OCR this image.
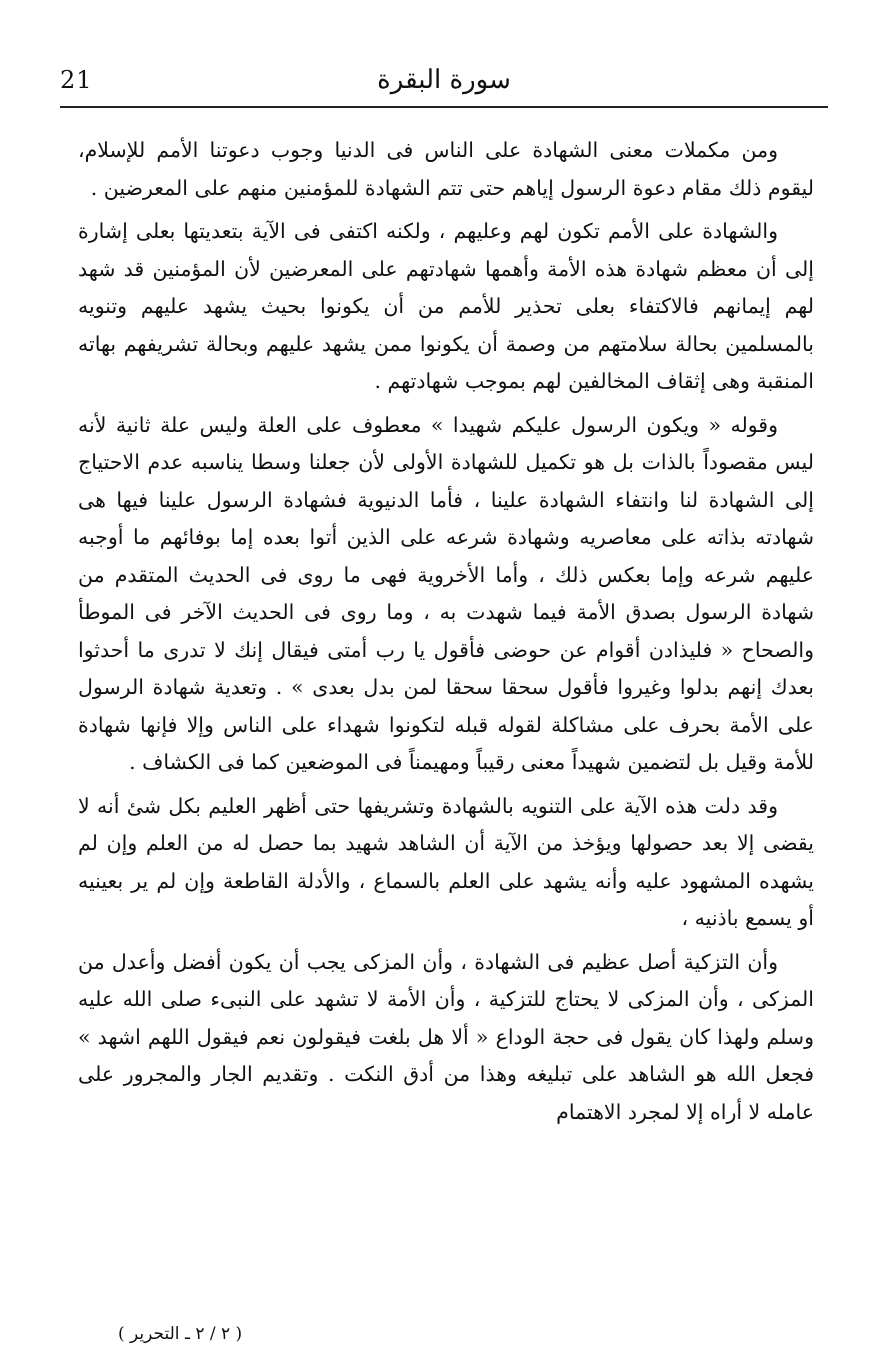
سورة البقرة
21

ومن مكملات معنى الشهادة على الناس فى الدنيا وجوب دعوتنا الأمم للإسلام، ليقوم ذلك مقام دعوة الرسول إياهم حتى تتم الشهادة للمؤمنين منهم على المعرضين .

والشهادة على الأمم تكون لهم وعليهم ، ولكنه اكتفى فى الآية بتعديتها بعلى إشارة إلى أن معظم شهادة هذه الأمة وأهمها شهادتهم على المعرضين لأن المؤمنين قد شهد لهم إيمانهم فالاكتفاء بعلى تحذير للأمم من أن يكونوا بحيث يشهد عليهم وتنويه بالمسلمين بحالة سلامتهم من وصمة أن يكونوا ممن يشهد عليهم وبحالة تشريفهم بهاته المنقبة وهى إثقاف المخالفين لهم بموجب شهادتهم .

وقوله « ويكون الرسول عليكم شهيدا » معطوف على العلة وليس علة ثانية لأنه ليس مقصوداً بالذات بل هو تكميل للشهادة الأولى لأن جعلنا وسطا يناسبه عدم الاحتياج إلى الشهادة لنا وانتفاء الشهادة علينا ، فأما الدنيوية فشهادة الرسول علينا فيها هى شهادته بذاته على معاصريه وشهادة شرعه على الذين أتوا بعده إما بوفائهم ما أوجبه عليهم شرعه وإما بعكس ذلك ، وأما الأخروية فهى ما روى فى الحديث المتقدم من شهادة الرسول بصدق الأمة فيما شهدت به ، وما روى فى الحديث الآخر فى الموطأ والصحاح « فليذادن أقوام عن حوضى فأقول يا رب أمتى فيقال إنك لا تدرى ما أحدثوا بعدك إنهم بدلوا وغيروا فأقول سحقا سحقا لمن بدل بعدى » . وتعدية شهادة الرسول على الأمة بحرف على مشاكلة لقوله قبله لتكونوا شهداء على الناس وإلا فإنها شهادة للأمة وقيل بل لتضمين شهيداً معنى رقيباً ومهيمناً فى الموضعين كما فى الكشاف .

وقد دلت هذه الآية على التنويه بالشهادة وتشريفها حتى أظهر العليم بكل شئ أنه لا يقضى إلا بعد حصولها ويؤخذ من الآية أن الشاهد شهيد بما حصل له من العلم وإن لم يشهده المشهود عليه وأنه يشهد على العلم بالسماع ، والأدلة القاطعة وإن لم ير بعينيه أو يسمع باذنيه ،

وأن التزكية أصل عظيم فى الشهادة ، وأن المزكى يجب أن يكون أفضل وأعدل من المزكى ، وأن المزكى لا يحتاج للتزكية ، وأن الأمة لا تشهد على النبىء صلى الله عليه وسلم ولهذا كان يقول فى حجة الوداع « ألا هل بلغت فيقولون نعم فيقول اللهم اشهد » فجعل الله هو الشاهد على تبليغه وهذا من أدق النكت . وتقديم الجار والمجرور على عامله لا أراه إلا لمجرد الاهتمام

( ٢ / ٢ ـ التحرير )
